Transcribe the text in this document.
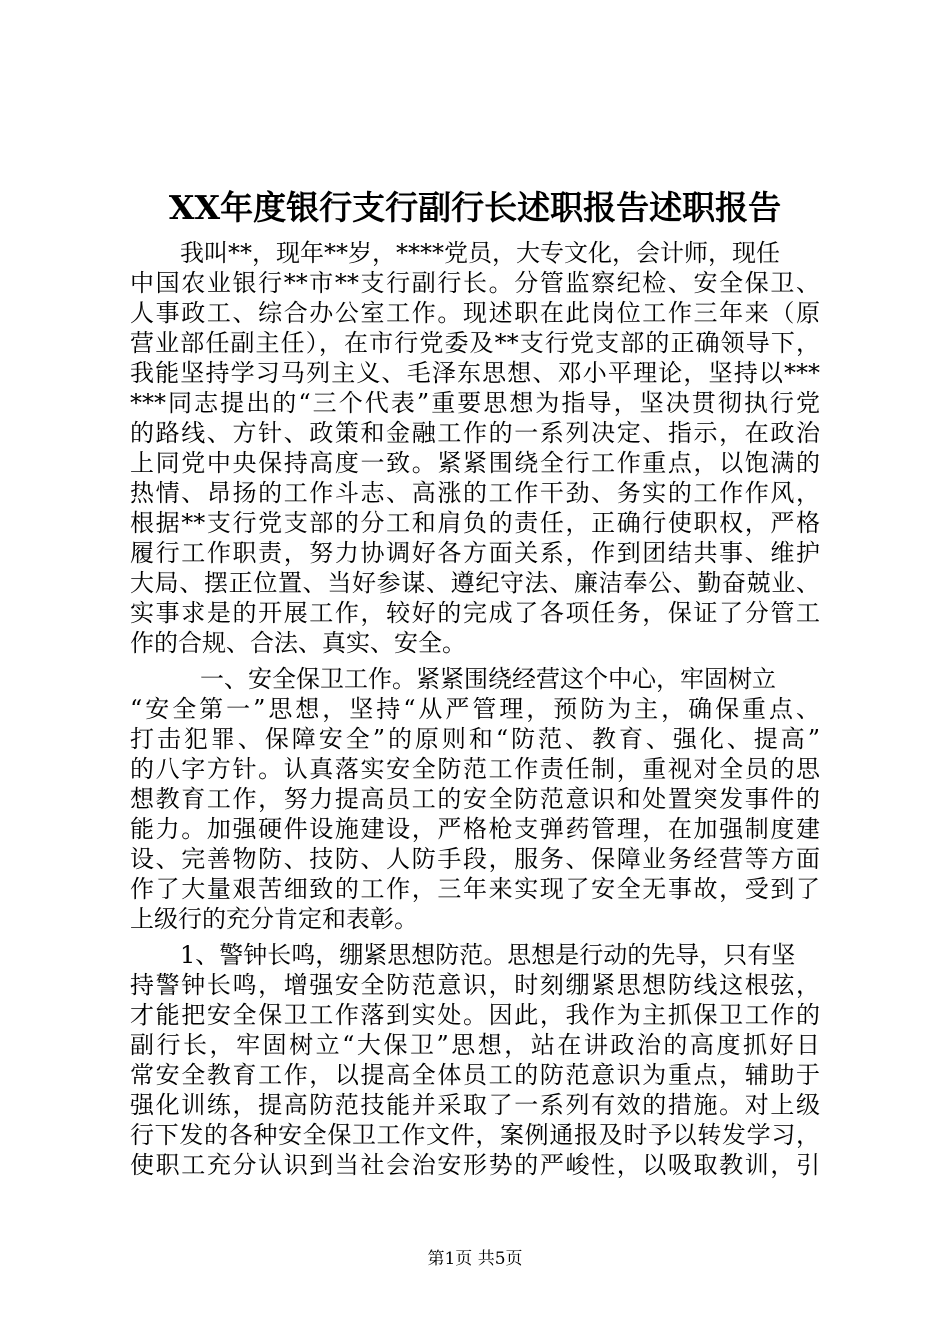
XX年度银行支行副行长述职报告述职报告
我叫**，现年**岁，****党员，大专文化，会计师，现任
中国农业银行**市**支行副行长。分管监察纪检、安全保卫、
人事政工、综合办公室工作。现述职在此岗位工作三年来（原
营业部任副主任），在市行党委及**支行党支部的正确领导下，
我能坚持学习马列主义、毛泽东思想、邓小平理论，坚持以***
***同志提出的“三个代表”重要思想为指导，坚决贯彻执行党
的路线、方针、政策和金融工作的一系列决定、指示，在政治
上同党中央保持高度一致。紧紧围绕全行工作重点，以饱满的
热情、昂扬的工作斗志、高涨的工作干劲、务实的工作作风，
根据**支行党支部的分工和肩负的责任，正确行使职权，严格
履行工作职责，努力协调好各方面关系，作到团结共事、维护
大局、摆正位置、当好参谋、遵纪守法、廉洁奉公、勤奋兢业、
实事求是的开展工作，较好的完成了各项任务，保证了分管工
作的合规、合法、真实、安全。
一、安全保卫工作。紧紧围绕经营这个中心，牢固树立
“安全第一”思想，坚持“从严管理，预防为主，确保重点、
打击犯罪、保障安全”的原则和“防范、教育、强化、提高”
的八字方针。认真落实安全防范工作责任制，重视对全员的思
想教育工作，努力提高员工的安全防范意识和处置突发事件的
能力。加强硬件设施建设，严格枪支弹药管理，在加强制度建
设、完善物防、技防、人防手段，服务、保障业务经营等方面
作了大量艰苦细致的工作，三年来实现了安全无事故，受到了
上级行的充分肯定和表彰。
1、警钟长鸣，绷紧思想防范。思想是行动的先导，只有坚
持警钟长鸣，增强安全防范意识，时刻绷紧思想防线这根弦，
才能把安全保卫工作落到实处。因此，我作为主抓保卫工作的
副行长，牢固树立“大保卫”思想，站在讲政治的高度抓好日
常安全教育工作，以提高全体员工的防范意识为重点，辅助于
强化训练，提高防范技能并采取了一系列有效的措施。对上级
行下发的各种安全保卫工作文件，案例通报及时予以转发学习，
使职工充分认识到当社会治安形势的严峻性，以吸取教训，引
第1页 共5页
